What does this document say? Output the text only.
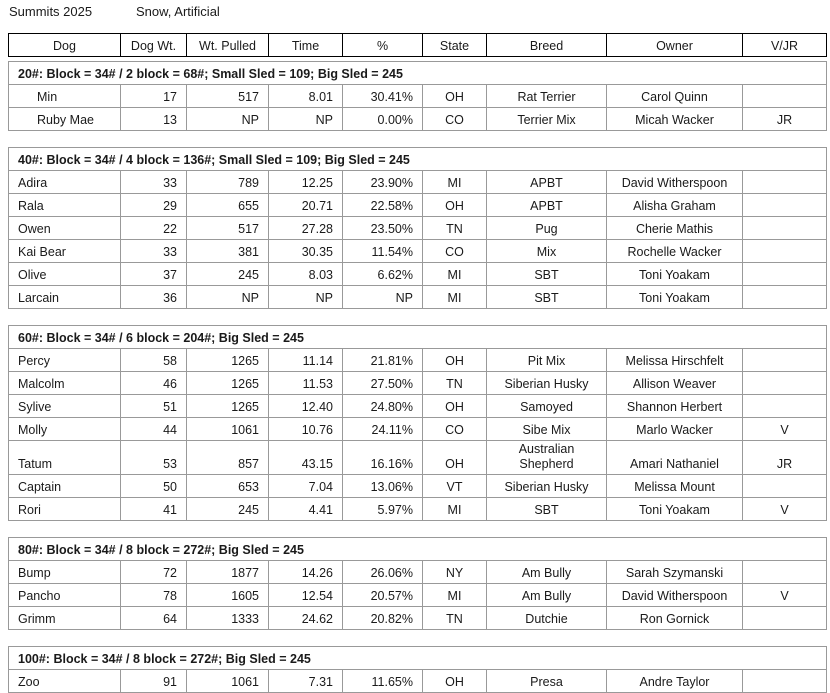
Summits 2025	Snow, Artificial
Dog	Dog Wt.	Wt. Pulled	Time	%	State	Breed	Owner	V/JR
20#: Block = 34# / 2 block = 68#; Small Sled = 109; Big Sled = 245								
Min	17	517	8.01	30.41%	OH	Rat Terrier	Carol Quinn	
Ruby Mae	13	NP	NP	0.00%	CO	Terrier Mix	Micah Wacker	JR
40#: Block = 34# / 4 block = 136#; Small Sled = 109; Big Sled = 245								
Adira	33	789	12.25	23.90%	MI	APBT	David Witherspoon	
Rala	29	655	20.71	22.58%	OH	APBT	Alisha Graham	
Owen	22	517	27.28	23.50%	TN	Pug	Cherie Mathis	
Kai Bear	33	381	30.35	11.54%	CO	Mix	Rochelle Wacker	
Olive	37	245	8.03	6.62%	MI	SBT	Toni Yoakam	
Larcain	36	NP	NP	NP	MI	SBT	Toni Yoakam	
60#: Block = 34# / 6 block = 204#; Big Sled = 245								
Percy	58	1265	11.14	21.81%	OH	Pit Mix	Melissa Hirschfelt	
Malcolm	46	1265	11.53	27.50%	TN	Siberian Husky	Allison Weaver	
Sylive	51	1265	12.40	24.80%	OH	Samoyed	Shannon Herbert	
Molly	44	1061	10.76	24.11%	CO	Sibe Mix	Marlo Wacker	V
Tatum	53	857	43.15	16.16%	OH	Australian Shepherd	Amari Nathaniel	JR
Captain	50	653	7.04	13.06%	VT	Siberian Husky	Melissa Mount	
Rori	41	245	4.41	5.97%	MI	SBT	Toni Yoakam	V
80#: Block = 34# / 8 block = 272#; Big Sled = 245								
Bump	72	1877	14.26	26.06%	NY	Am Bully	Sarah Szymanski	
Pancho	78	1605	12.54	20.57%	MI	Am Bully	David Witherspoon	V
Grimm	64	1333	24.62	20.82%	TN	Dutchie	Ron Gornick	
100#: Block = 34# / 8 block = 272#; Big Sled = 245
Zoo	91	1061	7.31	11.65%	OH	Presa	Andre Taylor	
